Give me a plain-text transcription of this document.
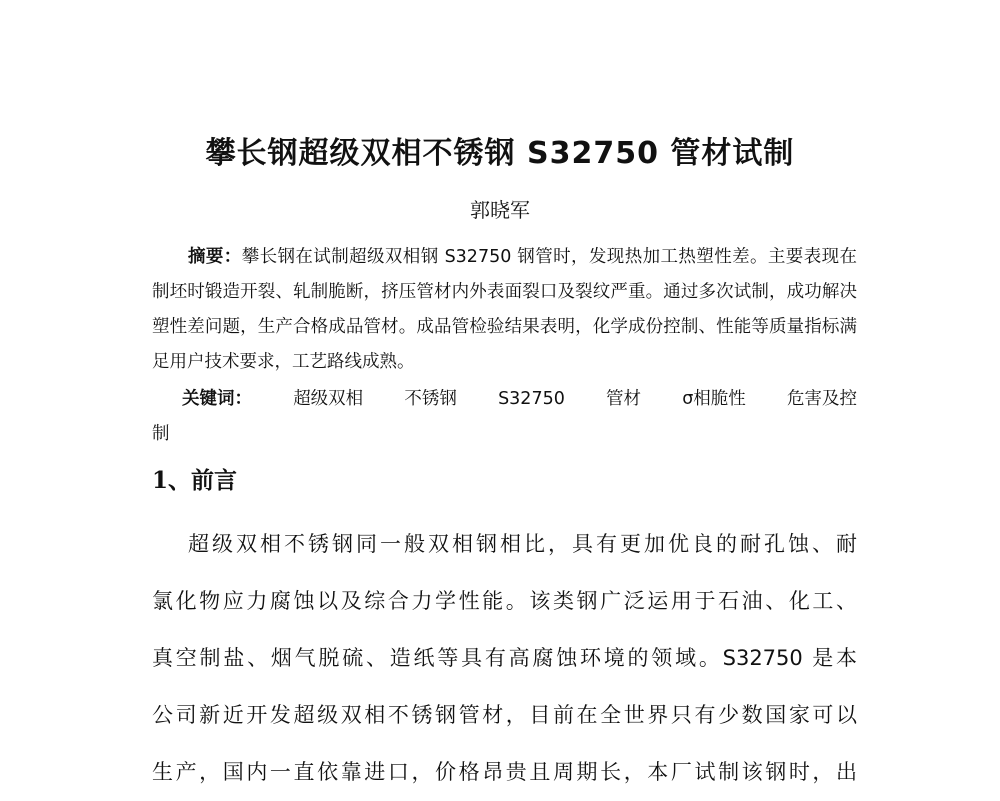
攀长钢超级双相不锈钢 S32750 管材试制
郭晓军
摘要：攀长钢在试制超级双相钢 S32750 钢管时，发现热加工热塑性差。主要表现在制坯时锻造开裂、轧制脆断，挤压管材内外表面裂口及裂纹严重。通过多次试制，成功解决塑性差问题，生产合格成品管材。成品管检验结果表明，化学成份控制、性能等质量指标满足用户技术要求，工艺路线成熟。
关键词： 超级双相 不锈钢 S32750 管材 σ相脆性 危害及控
制
1、前言
超级双相不锈钢同一般双相钢相比，具有更加优良的耐孔蚀、耐
氯化物应力腐蚀以及综合力学性能。该类钢广泛运用于石油、化工、
真空制盐、烟气脱硫、造纸等具有高腐蚀环境的领域。S32750 是本
公司新近开发超级双相不锈钢管材，目前在全世界只有少数国家可以
生产，国内一直依靠进口，价格昂贵且周期长，本厂试制该钢时，出
